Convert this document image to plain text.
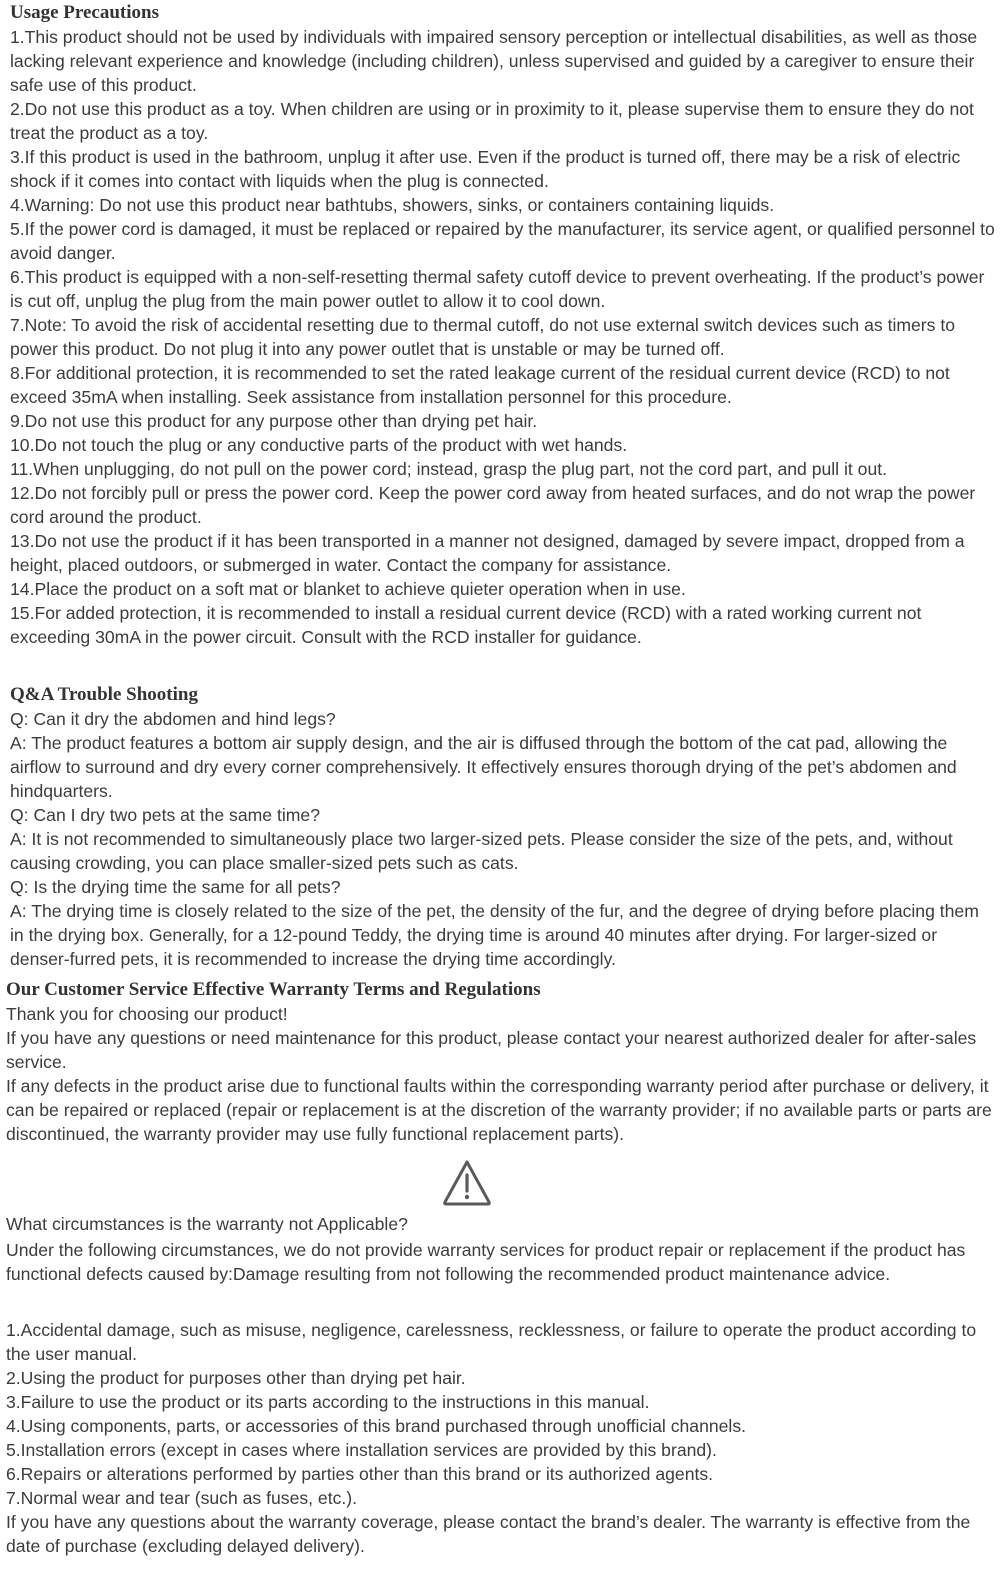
Usage Precautions

1.This product should not be used by individuals with impaired sensory perception or intellectual disabilities, as well as those lacking relevant experience and knowledge (including children), unless supervised and guided by a caregiver to ensure their safe use of this product.

2.Do not use this product as a toy. When children are using or in proximity to it, please supervise them to ensure they do not treat the product as a toy.

3.If this product is used in the bathroom, unplug it after use. Even if the product is turned off, there may be a risk of electric shock if it comes into contact with liquids when the plug is connected.

4.Warning: Do not use this product near bathtubs, showers, sinks, or containers containing liquids.

5.If the power cord is damaged, it must be replaced or repaired by the manufacturer, its service agent, or qualified personnel to avoid danger.

6.This product is equipped with a non-self-resetting thermal safety cutoff device to prevent overheating. If the product’s power is cut off, unplug the plug from the main power outlet to allow it to cool down.

7.Note: To avoid the risk of accidental resetting due to thermal cutoff, do not use external switch devices such as timers to power this product. Do not plug it into any power outlet that is unstable or may be turned off.

8.For additional protection, it is recommended to set the rated leakage current of the residual current device (RCD) to not exceed 35mA when installing. Seek assistance from installation personnel for this procedure.

9.Do not use this product for any purpose other than drying pet hair.

10.Do not touch the plug or any conductive parts of the product with wet hands.

11.When unplugging, do not pull on the power cord; instead, grasp the plug part, not the cord part, and pull it out.

12.Do not forcibly pull or press the power cord. Keep the power cord away from heated surfaces, and do not wrap the power cord around the product.

13.Do not use the product if it has been transported in a manner not designed, damaged by severe impact, dropped from a height, placed outdoors, or submerged in water. Contact the company for assistance.

14.Place the product on a soft mat or blanket to achieve quieter operation when in use.

15.For added protection, it is recommended to install a residual current device (RCD) with a rated working current not exceeding 30mA in the power circuit. Consult with the RCD installer for guidance.

Q&A Trouble Shooting

Q: Can it dry the abdomen and hind legs?

A: The product features a bottom air supply design, and the air is diffused through the bottom of the cat pad, allowing the airflow to surround and dry every corner comprehensively. It effectively ensures thorough drying of the pet’s abdomen and hindquarters.

Q: Can I dry two pets at the same time?

A: It is not recommended to simultaneously place two larger-sized pets. Please consider the size of the pets, and, without causing crowding, you can place smaller-sized pets such as cats.

Q: Is the drying time the same for all pets?

A: The drying time is closely related to the size of the pet, the density of the fur, and the degree of drying before placing them in the drying box. Generally, for a 12-pound Teddy, the drying time is around 40 minutes after drying. For larger-sized or denser-furred pets, it is recommended to increase the drying time accordingly.

Our Customer Service Effective Warranty Terms and Regulations

Thank you for choosing our product!

If you have any questions or need maintenance for this product, please contact your nearest authorized dealer for after-sales service.

If any defects in the product arise due to functional faults within the corresponding warranty period after purchase or delivery, it can be repaired or replaced (repair or replacement is at the discretion of the warranty provider; if no available parts or parts are discontinued, the warranty provider may use fully functional replacement parts).

What circumstances is the warranty not Applicable?

Under the following circumstances, we do not provide warranty services for product repair or replacement if the product has functional defects caused by:Damage resulting from not following the recommended product maintenance advice.

1.Accidental damage, such as misuse, negligence, carelessness, recklessness, or failure to operate the product according to the user manual.

2.Using the product for purposes other than drying pet hair.

3.Failure to use the product or its parts according to the instructions in this manual.

4.Using components, parts, or accessories of this brand purchased through unofficial channels.

5.Installation errors (except in cases where installation services are provided by this brand).

6.Repairs or alterations performed by parties other than this brand or its authorized agents.

7.Normal wear and tear (such as fuses, etc.).

If you have any questions about the warranty coverage, please contact the brand’s dealer. The warranty is effective from the date of purchase (excluding delayed delivery).
